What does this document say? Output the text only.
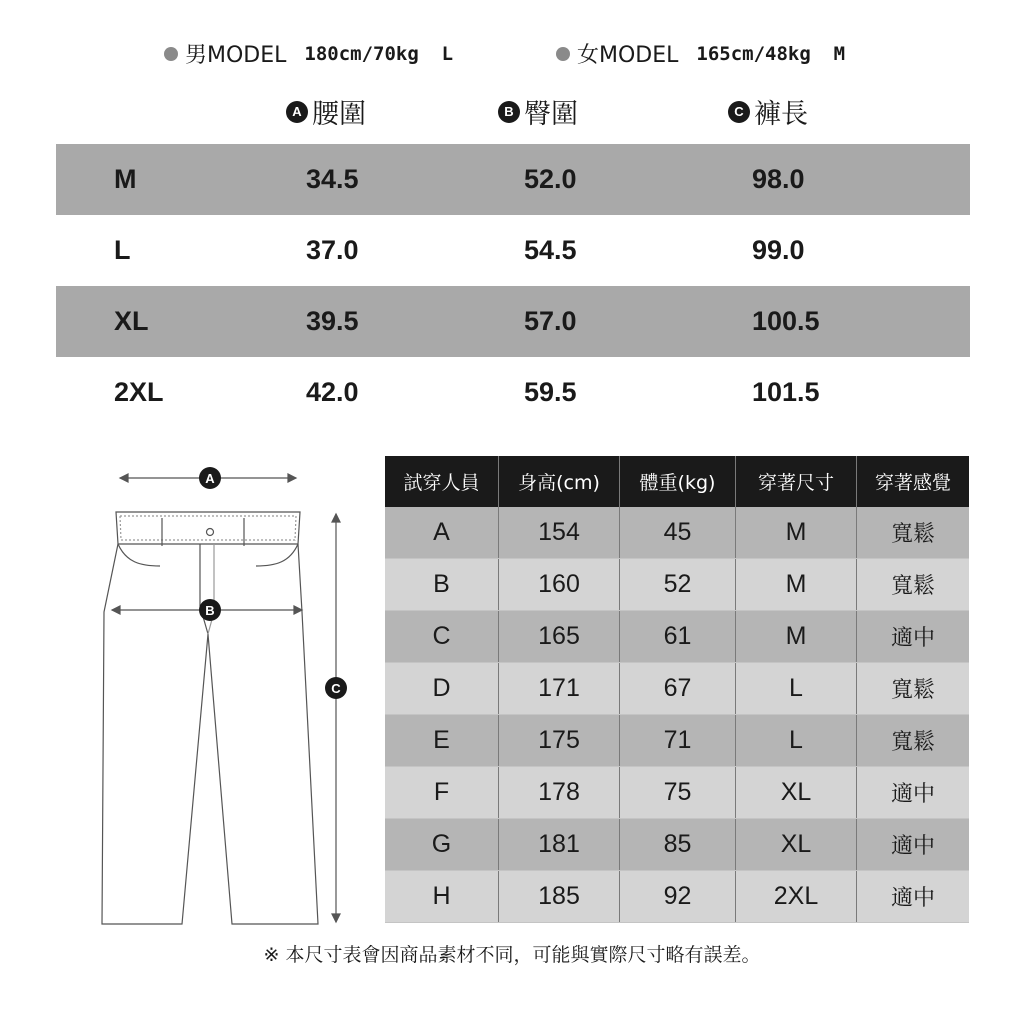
男MODEL 180cm/70kg  L	女MODEL 165cm/48kg  M
A 腰圍	B 臀圍	C 褲長
M	34.5	52.0	98.0
L	37.0	54.5	99.0
XL	39.5	57.0	100.5
2XL	42.0	59.5	101.5
A
B
C
試穿人員	身高(cm)	體重(kg)	穿著尺寸	穿著感覺
A	154	45	M	寬鬆
B	160	52	M	寬鬆
C	165	61	M	適中
D	171	67	L	寬鬆
E	175	71	L	寬鬆
F	178	75	XL	適中
G	181	85	XL	適中
H	185	92	2XL	適中
※ 本尺寸表會因商品素材不同，可能與實際尺寸略有誤差。
